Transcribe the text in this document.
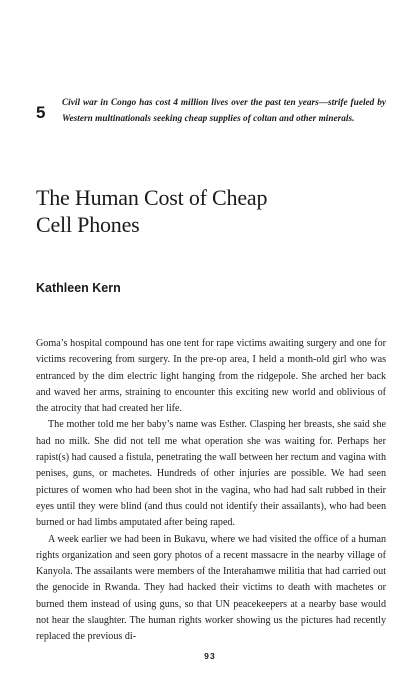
5
Civil war in Congo has cost 4 million lives over the past ten years—strife fueled by Western multinationals seeking cheap supplies of coltan and other minerals.
The Human Cost of Cheap
Cell Phones
Kathleen Kern

Goma’s hospital compound has one tent for rape victims awaiting surgery and one for victims recovering from surgery. In the pre-op area, I held a month-old girl who was entranced by the dim electric light hanging from the ridgepole. She arched her back and waved her arms, straining to encounter this exciting new world and oblivious of the atrocity that had created her life.

The mother told me her baby’s name was Esther. Clasping her breasts, she said she had no milk. She did not tell me what operation she was waiting for. Perhaps her rapist(s) had caused a fistula, penetrating the wall between her rectum and vagina with penises, guns, or machetes. Hundreds of other injuries are possible. We had seen pictures of women who had been shot in the vagina, who had had salt rubbed in their eyes until they were blind (and thus could not identify their assailants), who had been burned or had limbs amputated after being raped.

A week earlier we had been in Bukavu, where we had visited the office of a human rights organization and seen gory photos of a recent massacre in the nearby village of Kanyola. The assailants were members of the Interahamwe militia that had carried out the genocide in Rwanda. They had hacked their victims to death with machetes or burned them instead of using guns, so that UN peacekeepers at a nearby base would not hear the slaughter. The human rights worker showing us the pictures had recently replaced the previous di-

93
